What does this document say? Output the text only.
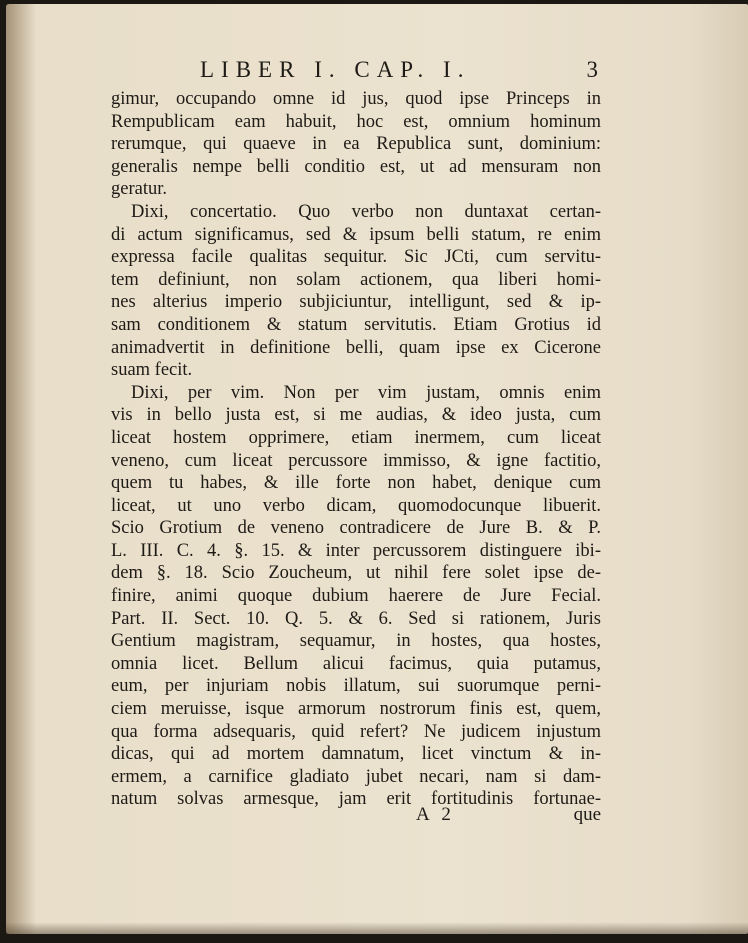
LIBER I. CAP. I.	3
gimur, occupando omne id jus, quod ipse Princeps in
Rempublicam eam habuit, hoc est, omnium hominum
rerumque, qui quaeve in ea Republica sunt, dominium:
generalis nempe belli conditio est, ut ad mensuram non
geratur.
Dixi, concertatio. Quo verbo non duntaxat certan-
di actum significamus, sed & ipsum belli statum, re enim
expressa facile qualitas sequitur. Sic JCti, cum servitu-
tem definiunt, non solam actionem, qua liberi homi-
nes alterius imperio subjiciuntur, intelligunt, sed & ip-
sam conditionem & statum servitutis. Etiam Grotius id
animadvertit in definitione belli, quam ipse ex Cicerone
suam fecit.
Dixi, per vim. Non per vim justam, omnis enim
vis in bello justa est, si me audias, & ideo justa, cum
liceat hostem opprimere, etiam inermem, cum liceat
veneno, cum liceat percussore immisso, & igne factitio,
quem tu habes, & ille forte non habet, denique cum
liceat, ut uno verbo dicam, quomodocunque libuerit.
Scio Grotium de veneno contradicere de Jure B. & P.
L. III. C. 4. §. 15. & inter percussorem distinguere ibi-
dem §. 18. Scio Zoucheum, ut nihil fere solet ipse de-
finire, animi quoque dubium haerere de Jure Fecial.
Part. II. Sect. 10. Q. 5. & 6. Sed si rationem, Juris
Gentium magistram, sequamur, in hostes, qua hostes,
omnia licet. Bellum alicui facimus, quia putamus,
eum, per injuriam nobis illatum, sui suorumque perni-
ciem meruisse, isque armorum nostrorum finis est, quem,
qua forma adsequaris, quid refert? Ne judicem injustum
dicas, qui ad mortem damnatum, licet vinctum & in-
ermem, a carnifice gladiato jubet necari, nam si dam-
natum solvas armesque, jam erit fortitudinis fortunae-
A 2	que
